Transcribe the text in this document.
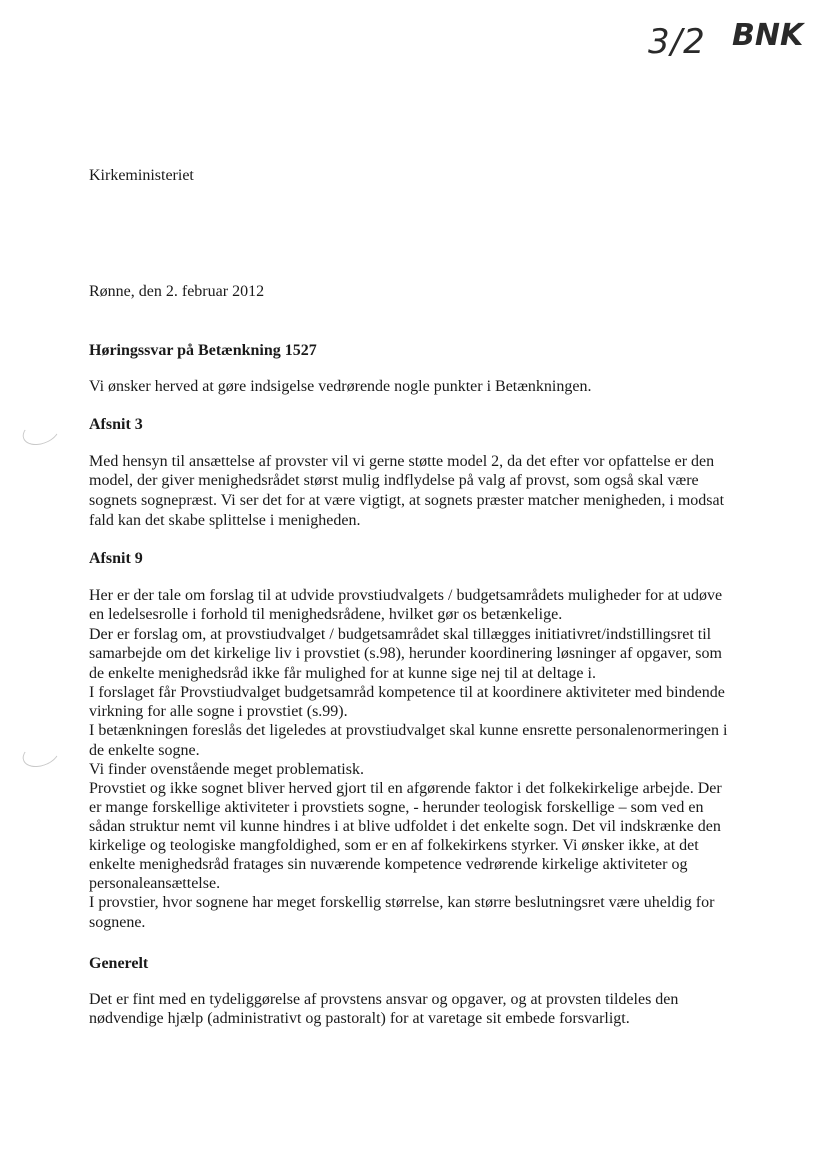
3/2 BNK
Kirkeministeriet
Rønne, den 2. februar 2012
Høringssvar på Betænkning 1527
Vi ønsker herved at gøre indsigelse vedrørende nogle punkter i Betænkningen.
Afsnit 3
Med hensyn til ansættelse af provster vil vi gerne støtte model 2, da det efter vor opfattelse er den
model, der giver menighedsrådet størst mulig indflydelse på valg af provst, som også skal være
sognets sognepræst. Vi ser det for at være vigtigt, at sognets præster matcher menigheden, i modsat
fald kan det skabe splittelse i menigheden.
Afsnit 9
Her er der tale om forslag til at udvide provstiudvalgets / budgetsamrådets muligheder for at udøve
en ledelsesrolle i forhold til menighedsrådene, hvilket gør os betænkelige.
Der er forslag om, at provstiudvalget / budgetsamrådet skal tillægges initiativret/indstillingsret til
samarbejde om det kirkelige liv i provstiet (s.98), herunder koordinering løsninger af opgaver, som
de enkelte menighedsråd ikke får mulighed for at kunne sige nej til at deltage i.
I forslaget får Provstiudvalget budgetsamråd kompetence til at koordinere aktiviteter med bindende
virkning for alle sogne i provstiet (s.99).
I betænkningen foreslås det ligeledes at provstiudvalget skal kunne ensrette personalenormeringen i
de enkelte sogne.
Vi finder ovenstående meget problematisk.
Provstiet og ikke sognet bliver herved gjort til en afgørende faktor i det folkekirkelige arbejde. Der
er mange forskellige aktiviteter i provstiets sogne, - herunder teologisk forskellige – som ved en
sådan struktur nemt vil kunne hindres i at blive udfoldet i det enkelte sogn. Det vil indskrænke den
kirkelige og teologiske mangfoldighed, som er en af folkekirkens styrker. Vi ønsker ikke, at det
enkelte menighedsråd fratages sin nuværende kompetence vedrørende kirkelige aktiviteter og
personaleansættelse.
I provstier, hvor sognene har meget forskellig størrelse, kan større beslutningsret være uheldig for
sognene.
Generelt
Det er fint med en tydeliggørelse af provstens ansvar og opgaver, og at provsten tildeles den
nødvendige hjælp (administrativt og pastoralt) for at varetage sit embede forsvarligt.
